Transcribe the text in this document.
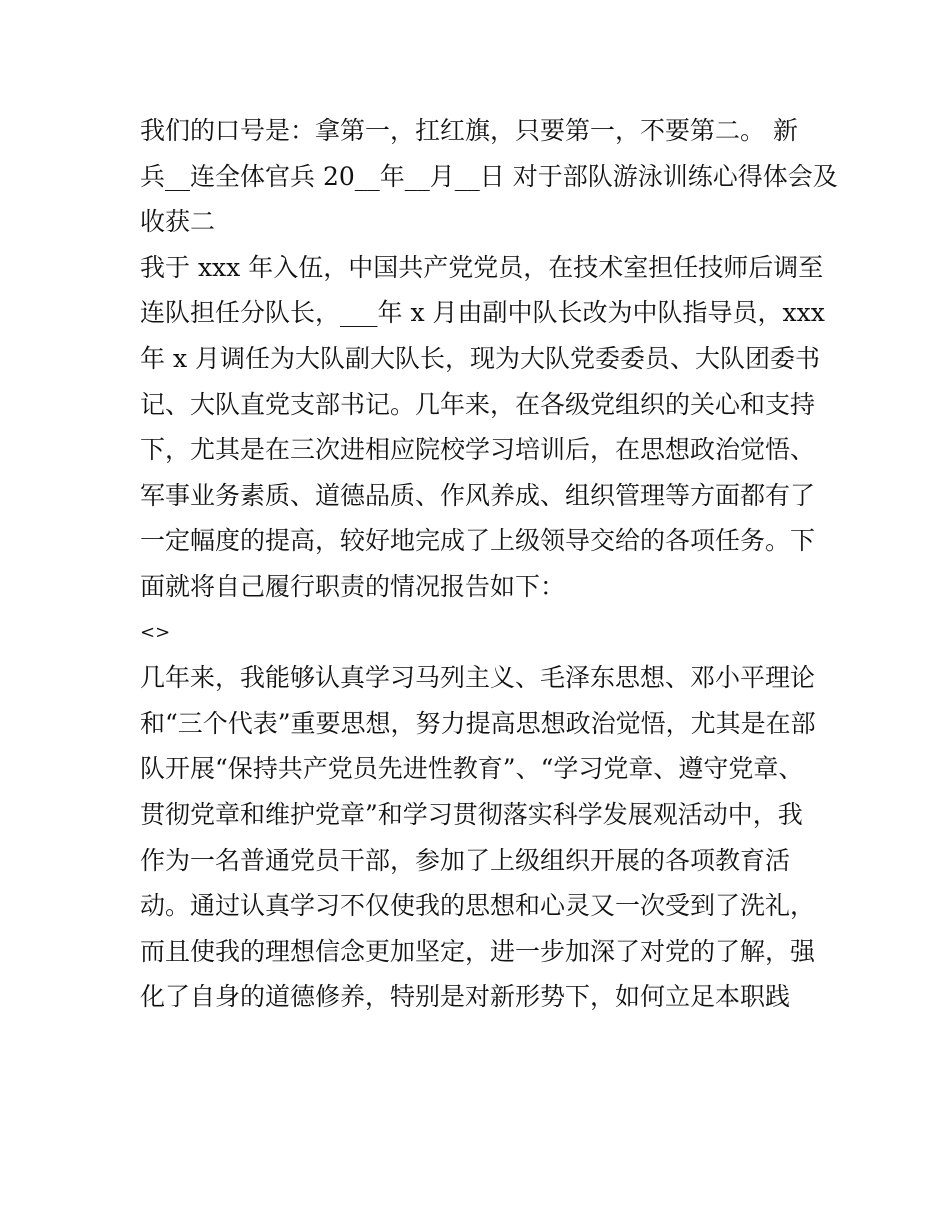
我们的口号是：拿第一，扛红旗，只要第一，不要第二。 新
兵__连全体官兵 20__年__月__日 对于部队游泳训练心得体会及
收获二
我于 xxx 年入伍，中国共产党党员，在技术室担任技师后调至
连队担任分队长，___年 x 月由副中队长改为中队指导员，xxx
年 x 月调任为大队副大队长，现为大队党委委员、大队团委书
记、大队直党支部书记。几年来，在各级党组织的关心和支持
下，尤其是在三次进相应院校学习培训后，在思想政治觉悟、
军事业务素质、道德品质、作风养成、组织管理等方面都有了
一定幅度的提高，较好地完成了上级领导交给的各项任务。下
面就将自己履行职责的情况报告如下：
<>
几年来，我能够认真学习马列主义、毛泽东思想、邓小平理论
和“三个代表”重要思想，努力提高思想政治觉悟，尤其是在部
队开展“保持共产党员先进性教育”、“学习党章、遵守党章、
贯彻党章和维护党章”和学习贯彻落实科学发展观活动中，我
作为一名普通党员干部，参加了上级组织开展的各项教育活
动。通过认真学习不仅使我的思想和心灵又一次受到了洗礼，
而且使我的理想信念更加坚定，进一步加深了对党的了解，强
化了自身的道德修养，特别是对新形势下，如何立足本职践
